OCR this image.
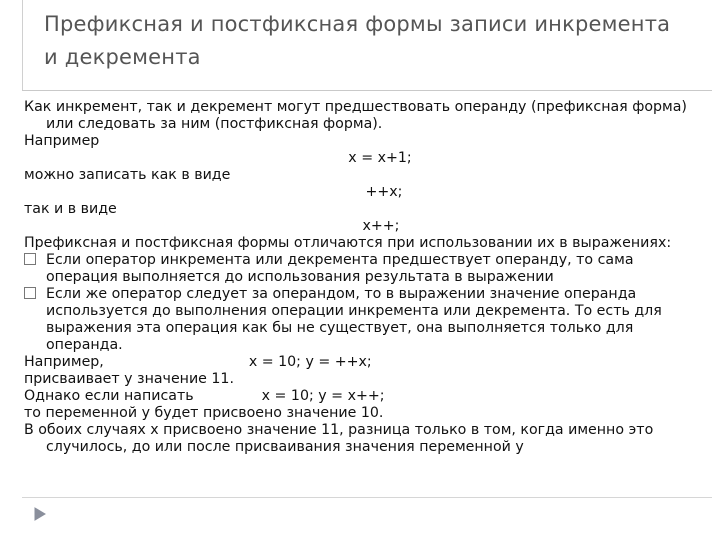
Префиксная и постфиксная формы записи инкремента
и декремента

Как инкремент, так и декремент могут предшествовать операнду (префиксная форма) или следовать за ним (постфиксная форма).

Например

x = x+1;

можно записать как в виде

++x;

так и в виде

x++;

Префиксная и постфиксная формы отличаются при использовании их в выражениях:

Если оператор инкремента или декремента предшествует операнду, то сама операция выполняется до использования результата в выражении

Если же оператор следует за операндом, то в выражении значение операнда используется до выполнения операции инкремента или декремента. То есть для выражения эта операция как бы не существует, она выполняется только для операнда.

Например,	x = 10; y = ++x;

присваивает y значение 11.

Однако если написать	x = 10; y = x++;

то переменной y будет присвоено значение 10.

В обоих случаях x присвоено значение 11, разница только в том, когда именно это случилось, до или после присваивания значения переменной y
